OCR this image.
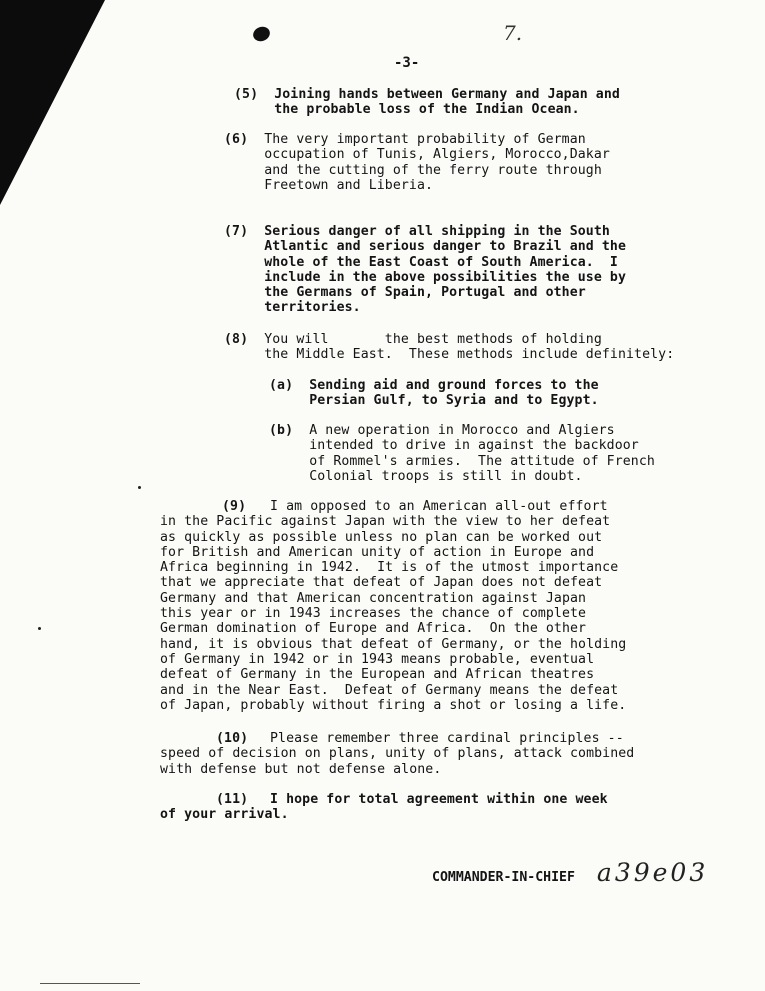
7.
-3-
(5) Joining hands between Germany and Japan and
the probable loss of the Indian Ocean.
(6) The very important probability of German
occupation of Tunis, Algiers, Morocco,Dakar
and the cutting of the ferry route through
Freetown and Liberia.
(7) Serious danger of all shipping in the South
Atlantic and serious danger to Brazil and the
whole of the East Coast of South America.  I
include in the above possibilities the use by
the Germans of Spain, Portugal and other
territories.
(8) You will       the best methods of holding
the Middle East.  These methods include definitely:
(a) Sending aid and ground forces to the
Persian Gulf, to Syria and to Egypt.
(b) A new operation in Morocco and Algiers
intended to drive in against the backdoor
of Rommel's armies.  The attitude of French
Colonial troops is still in doubt.
(9)	I am opposed to an American all-out effort
in the Pacific against Japan with the view to her defeat
as quickly as possible unless no plan can be worked out
for British and American unity of action in Europe and
Africa beginning in 1942.  It is of the utmost importance
that we appreciate that defeat of Japan does not defeat
Germany and that American concentration against Japan
this year or in 1943 increases the chance of complete
German domination of Europe and Africa.  On the other
hand, it is obvious that defeat of Germany, or the holding
of Germany in 1942 or in 1943 means probable, eventual
defeat of Germany in the European and African theatres
and in the Near East.  Defeat of Germany means the defeat
of Japan, probably without firing a shot or losing a life.
(10)	Please remember three cardinal principles --
speed of decision on plans, unity of plans, attack combined
with defense but not defense alone.
(11)	I hope for total agreement within one week
of your arrival.
COMMANDER-IN-CHIEF a39e03
